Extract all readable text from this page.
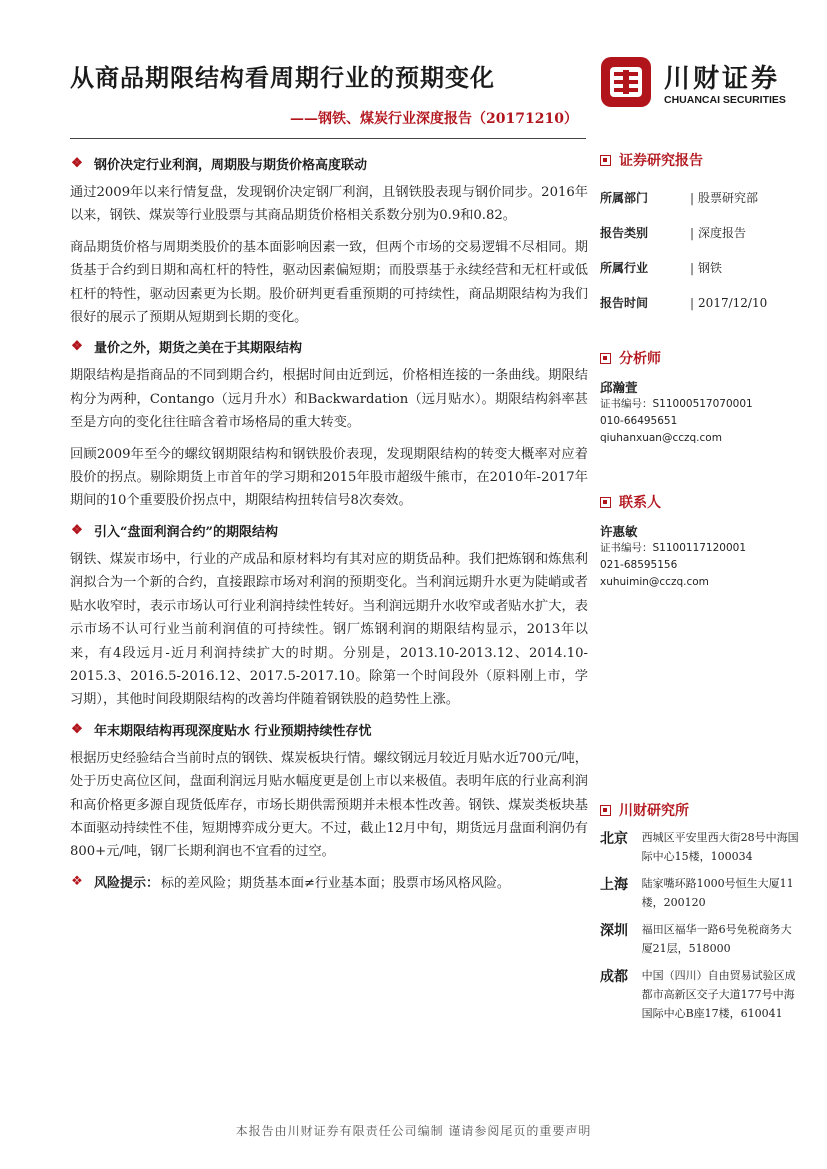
从商品期限结构看周期行业的预期变化
——钢铁、煤炭行业深度报告（20171210）
川财证券
CHUANCAI SECURITIES
❖ 钢价决定行业利润，周期股与期货价格高度联动

通过2009年以来行情复盘，发现钢价决定钢厂利润，且钢铁股表现与钢价同步。2016年以来，钢铁、煤炭等行业股票与其商品期货价格相关系数分别为0.9和0.82。

商品期货价格与周期类股价的基本面影响因素一致，但两个市场的交易逻辑不尽相同。期货基于合约到日期和高杠杆的特性，驱动因素偏短期；而股票基于永续经营和无杠杆或低杠杆的特性，驱动因素更为长期。股价研判更看重预期的可持续性，商品期限结构为我们很好的展示了预期从短期到长期的变化。

❖ 量价之外，期货之美在于其期限结构

期限结构是指商品的不同到期合约，根据时间由近到远，价格相连接的一条曲线。期限结构分为两种，Contango（远月升水）和Backwardation（远月贴水）。期限结构斜率甚至是方向的变化往往暗含着市场格局的重大转变。

回顾2009年至今的螺纹钢期限结构和钢铁股价表现，发现期限结构的转变大概率对应着股价的拐点。剔除期货上市首年的学习期和2015年股市超级牛熊市，在2010年-2017年期间的10个重要股价拐点中，期限结构扭转信号8次奏效。

❖ 引入“盘面利润合约”的期限结构

钢铁、煤炭市场中，行业的产成品和原材料均有其对应的期货品种。我们把炼钢和炼焦利润拟合为一个新的合约，直接跟踪市场对利润的预期变化。当利润远期升水更为陡峭或者贴水收窄时，表示市场认可行业利润持续性转好。当利润远期升水收窄或者贴水扩大，表示市场不认可行业当前利润值的可持续性。钢厂炼钢利润的期限结构显示，2013年以来，有4段远月-近月利润持续扩大的时期。分别是，2013.10-2013.12、2014.10-2015.3、2016.5-2016.12、2017.5-2017.10。除第一个时间段外（原料刚上市，学习期），其他时间段期限结构的改善均伴随着钢铁股的趋势性上涨。

❖ 年末期限结构再现深度贴水 行业预期持续性存忧

根据历史经验结合当前时点的钢铁、煤炭板块行情。螺纹钢远月较近月贴水近700元/吨，处于历史高位区间，盘面利润远月贴水幅度更是创上市以来极值。表明年底的行业高利润和高价格更多源自现货低库存，市场长期供需预期并未根本性改善。钢铁、煤炭类板块基本面驱动持续性不佳，短期博弈成分更大。不过，截止12月中旬，期货远月盘面利润仍有800+元/吨，钢厂长期利润也不宜看的过空。

❖ 风险提示： 标的差风险；期货基本面≠行业基本面；股票市场风格风险。
证券研究报告
所属部门	| 股票研究部
报告类别	| 深度报告
所属行业	| 钢铁
报告时间	| 2017/12/10
分析师
邱瀚萱
证书编号：S1100051707000​1
010-66495651
qiuhanxuan@cczq.com
联系人
许惠敏
证书编号：S1100117120001
021-68595156
xuhuimin@cczq.com
川财研究所
北京	西城区平安里西大街28号中海国际中心15楼，100034
上海	陆家嘴环路1000号恒生大厦11楼，200120
深圳	福田区福华一路6号免税商务大厦21层，518000
成都	中国（四川）自由贸易试验区成都市高新区交子大道177号中海国际中心B座17楼，610041
本报告由川财证券有限责任公司编制 谨请参阅尾页的重要声明
